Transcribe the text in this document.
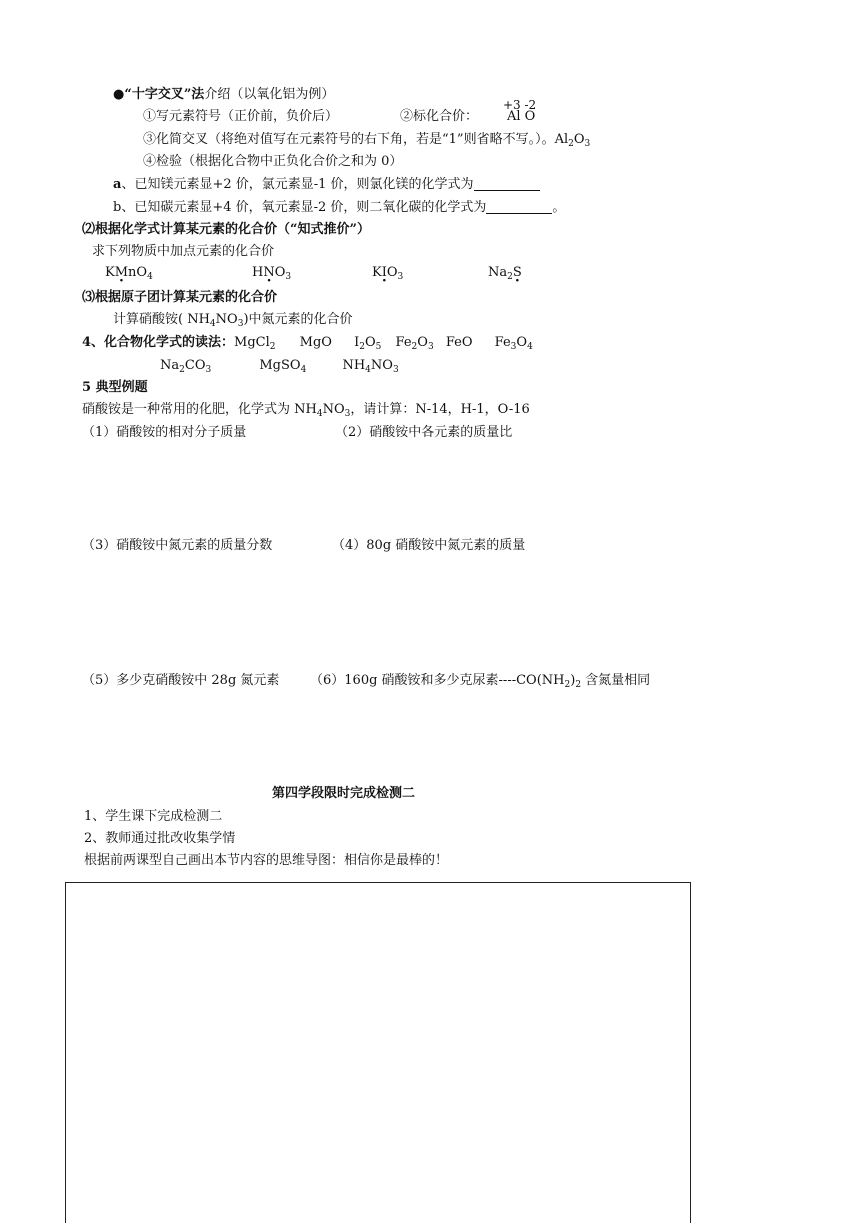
●“十字交叉”法介绍（以氧化铝为例）
+3 -2
①写元素符号（正价前，负价后）	②标化合价： Al O
③化简交叉（将绝对值写在元素符号的右下角，若是“1”则省略不写。）。$Al_2O_3$
④检验（根据化合物中正负化合价之和为 0）
a、已知镁元素显+2 价，氯元素显-1 价，则氯化镁的化学式为
b、已知碳元素显+4 价，氧元素显-2 价，则二氧化碳的化学式为	。
⑵根据化学式计算某元素的化合价（“知式推价”）
求下列物质中加点元素的化合价
KM $\cdot nO_4$	HN $\cdot O_3$	KI $\cdot O_3$	$Na_2S$ ·
⑶根据原子团计算某元素的化合价
计算硝酸铵( $NH_4NO_3$)中氮元素的化合价
4、化合物化学式的读法：MgCl$_2$ MgO $I_2O_5$ $Fe_2O_3$ FeO $Fe_3O_4$
$Na_2CO_3$	MgSO$_4$	$NH_4NO_3$
5 典型例题
硝酸铵是一种常用的化肥，化学式为 $NH_4NO_3$，请计算：N-14，H-1，O-16
（1）硝酸铵的相对分子质量	（2）硝酸铵中各元素的质量比
（3）硝酸铵中氮元素的质量分数	（4）80g 硝酸铵中氮元素的质量
（5）多少克硝酸铵中 28g 氮元素 （6）160g 硝酸铵和多少克尿素$----CO(NH_2)_2$ 含氮量相同
第四学段限时完成检测二
1、学生课下完成检测二
2、教师通过批改收集学情
根据前两课型自己画出本节内容的思维导图：相信你是最棒的！
